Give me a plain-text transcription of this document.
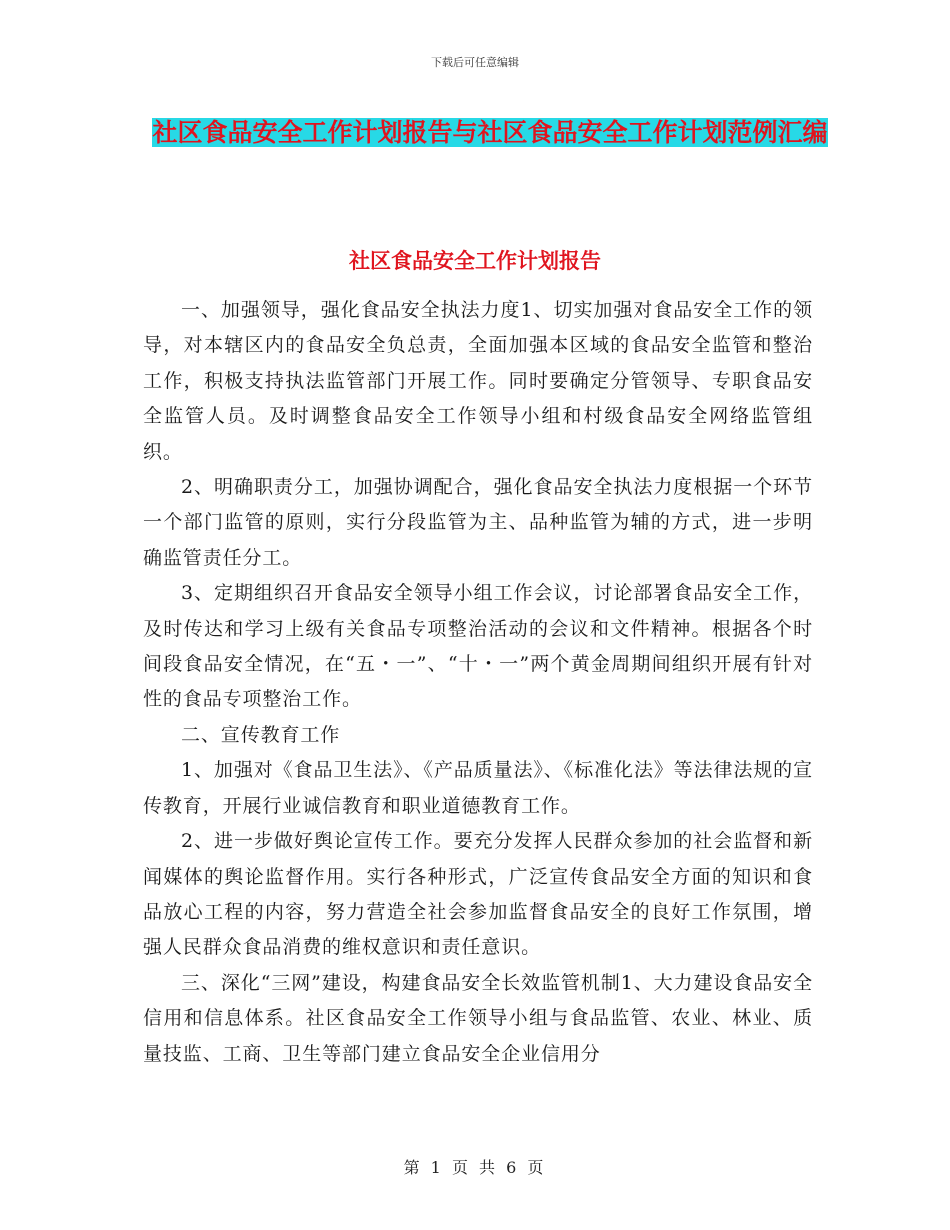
下载后可任意编辑
社区食品安全工作计划报告与社区食品安全工作计划范例汇编
社区食品安全工作计划报告

一、加强领导，强化食品安全执法力度1、切实加强对食品安全工作的领导，对本辖区内的食品安全负总责，全面加强本区域的食品安全监管和整治工作，积极支持执法监管部门开展工作。同时要确定分管领导、专职食品安全监管人员。及时调整食品安全工作领导小组和村级食品安全网络监管组织。

2、明确职责分工，加强协调配合，强化食品安全执法力度根据一个环节一个部门监管的原则，实行分段监管为主、品种监管为辅的方式，进一步明确监管责任分工。

3、定期组织召开食品安全领导小组工作会议，讨论部署食品安全工作，及时传达和学习上级有关食品专项整治活动的会议和文件精神。根据各个时间段食品安全情况，在“五・一”、“十・一”两个黄金周期间组织开展有针对性的食品专项整治工作。

二、宣传教育工作

1、加强对《食品卫生法》、《产品质量法》、《标准化法》等法律法规的宣传教育，开展行业诚信教育和职业道德教育工作。

2、进一步做好舆论宣传工作。要充分发挥人民群众参加的社会监督和新闻媒体的舆论监督作用。实行各种形式，广泛宣传食品安全方面的知识和食品放心工程的内容，努力营造全社会参加监督食品安全的良好工作氛围，增强人民群众食品消费的维权意识和责任意识。

三、深化“三网”建设，构建食品安全长效监管机制1、大力建设食品安全信用和信息体系。社区食品安全工作领导小组与食品监管、农业、林业、质量技监、工商、卫生等部门建立食品安全企业信用分

第 1 页 共 6 页
